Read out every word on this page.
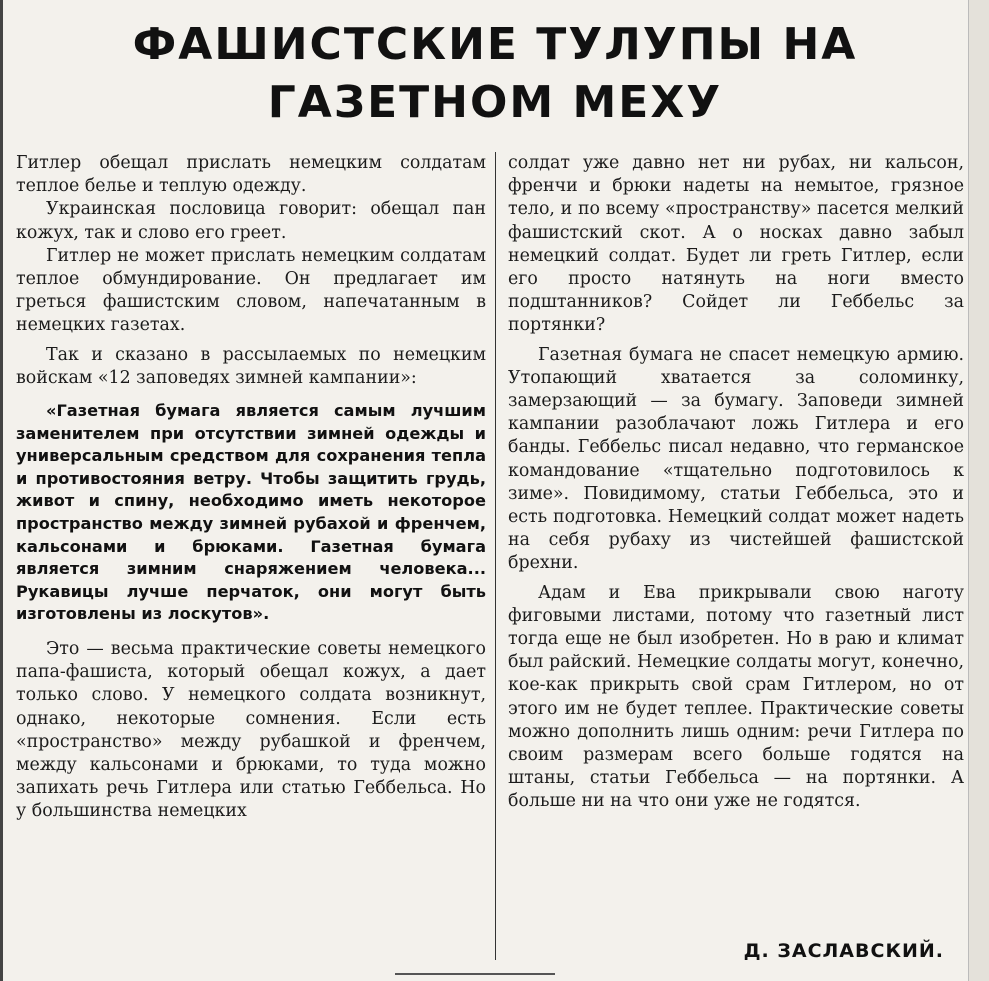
ФАШИСТСКИЕ ТУЛУПЫ НА ГАЗЕТНОМ МЕХУ

Гитлер обещал прислать немецким солдатам теплое белье и теплую одежду.

Украинская пословица говорит: обещал пан кожух, так и слово его греет.

Гитлер не может прислать немецким солдатам теплое обмундирование. Он предлагает им греться фашистским словом, напечатанным в немецких газетах.

Так и сказано в рассылаемых по немецким войскам «12 заповедях зимней кампании»:

«Газетная бумага является самым лучшим заменителем при отсутствии зимней одежды и универсальным средством для сохранения тепла и противостояния ветру. Чтобы защитить грудь, живот и спину, необходимо иметь некоторое пространство между зимней рубахой и френчем, кальсонами и брюками. Газетная бумага является зимним снаряжением человека... Рукавицы лучше перчаток, они могут быть изготовлены из лоскутов».

Это — весьма практические советы немецкого папа-фашиста, который обещал кожух, а дает только слово. У немецкого солдата возникнут, однако, некоторые сомнения. Если есть «пространство» между рубашкой и френчем, между кальсонами и брюками, то туда можно запихать речь Гитлера или статью Геббельса. Но у большинства немецких

солдат уже давно нет ни рубах, ни кальсон, френчи и брюки надеты на немытое, грязное тело, и по всему «пространству» пасется мелкий фашистский скот. А о носках давно забыл немецкий солдат. Будет ли греть Гитлер, если его просто натянуть на ноги вместо подштанников? Сойдет ли Геббельс за портянки?

Газетная бумага не спасет немецкую армию. Утопающий хватается за соломинку, замерзающий — за бумагу. Заповеди зимней кампании разоблачают ложь Гитлера и его банды. Геббельс писал недавно, что германское командование «тщательно подготовилось к зиме». Повидимому, статьи Геббельса, это и есть подготовка. Немецкий солдат может надеть на себя рубаху из чистейшей фашистской брехни.

Адам и Ева прикрывали свою наготу фиговыми листами, потому что газетный лист тогда еще не был изобретен. Но в раю и климат был райский. Немецкие солдаты могут, конечно, кое-как прикрыть свой срам Гитлером, но от этого им не будет теплее. Практические советы можно дополнить лишь одним: речи Гитлера по своим размерам всего больше годятся на штаны, статьи Геббельса — на портянки. А больше ни на что они уже не годятся.

Д. ЗАСЛАВСКИЙ.
